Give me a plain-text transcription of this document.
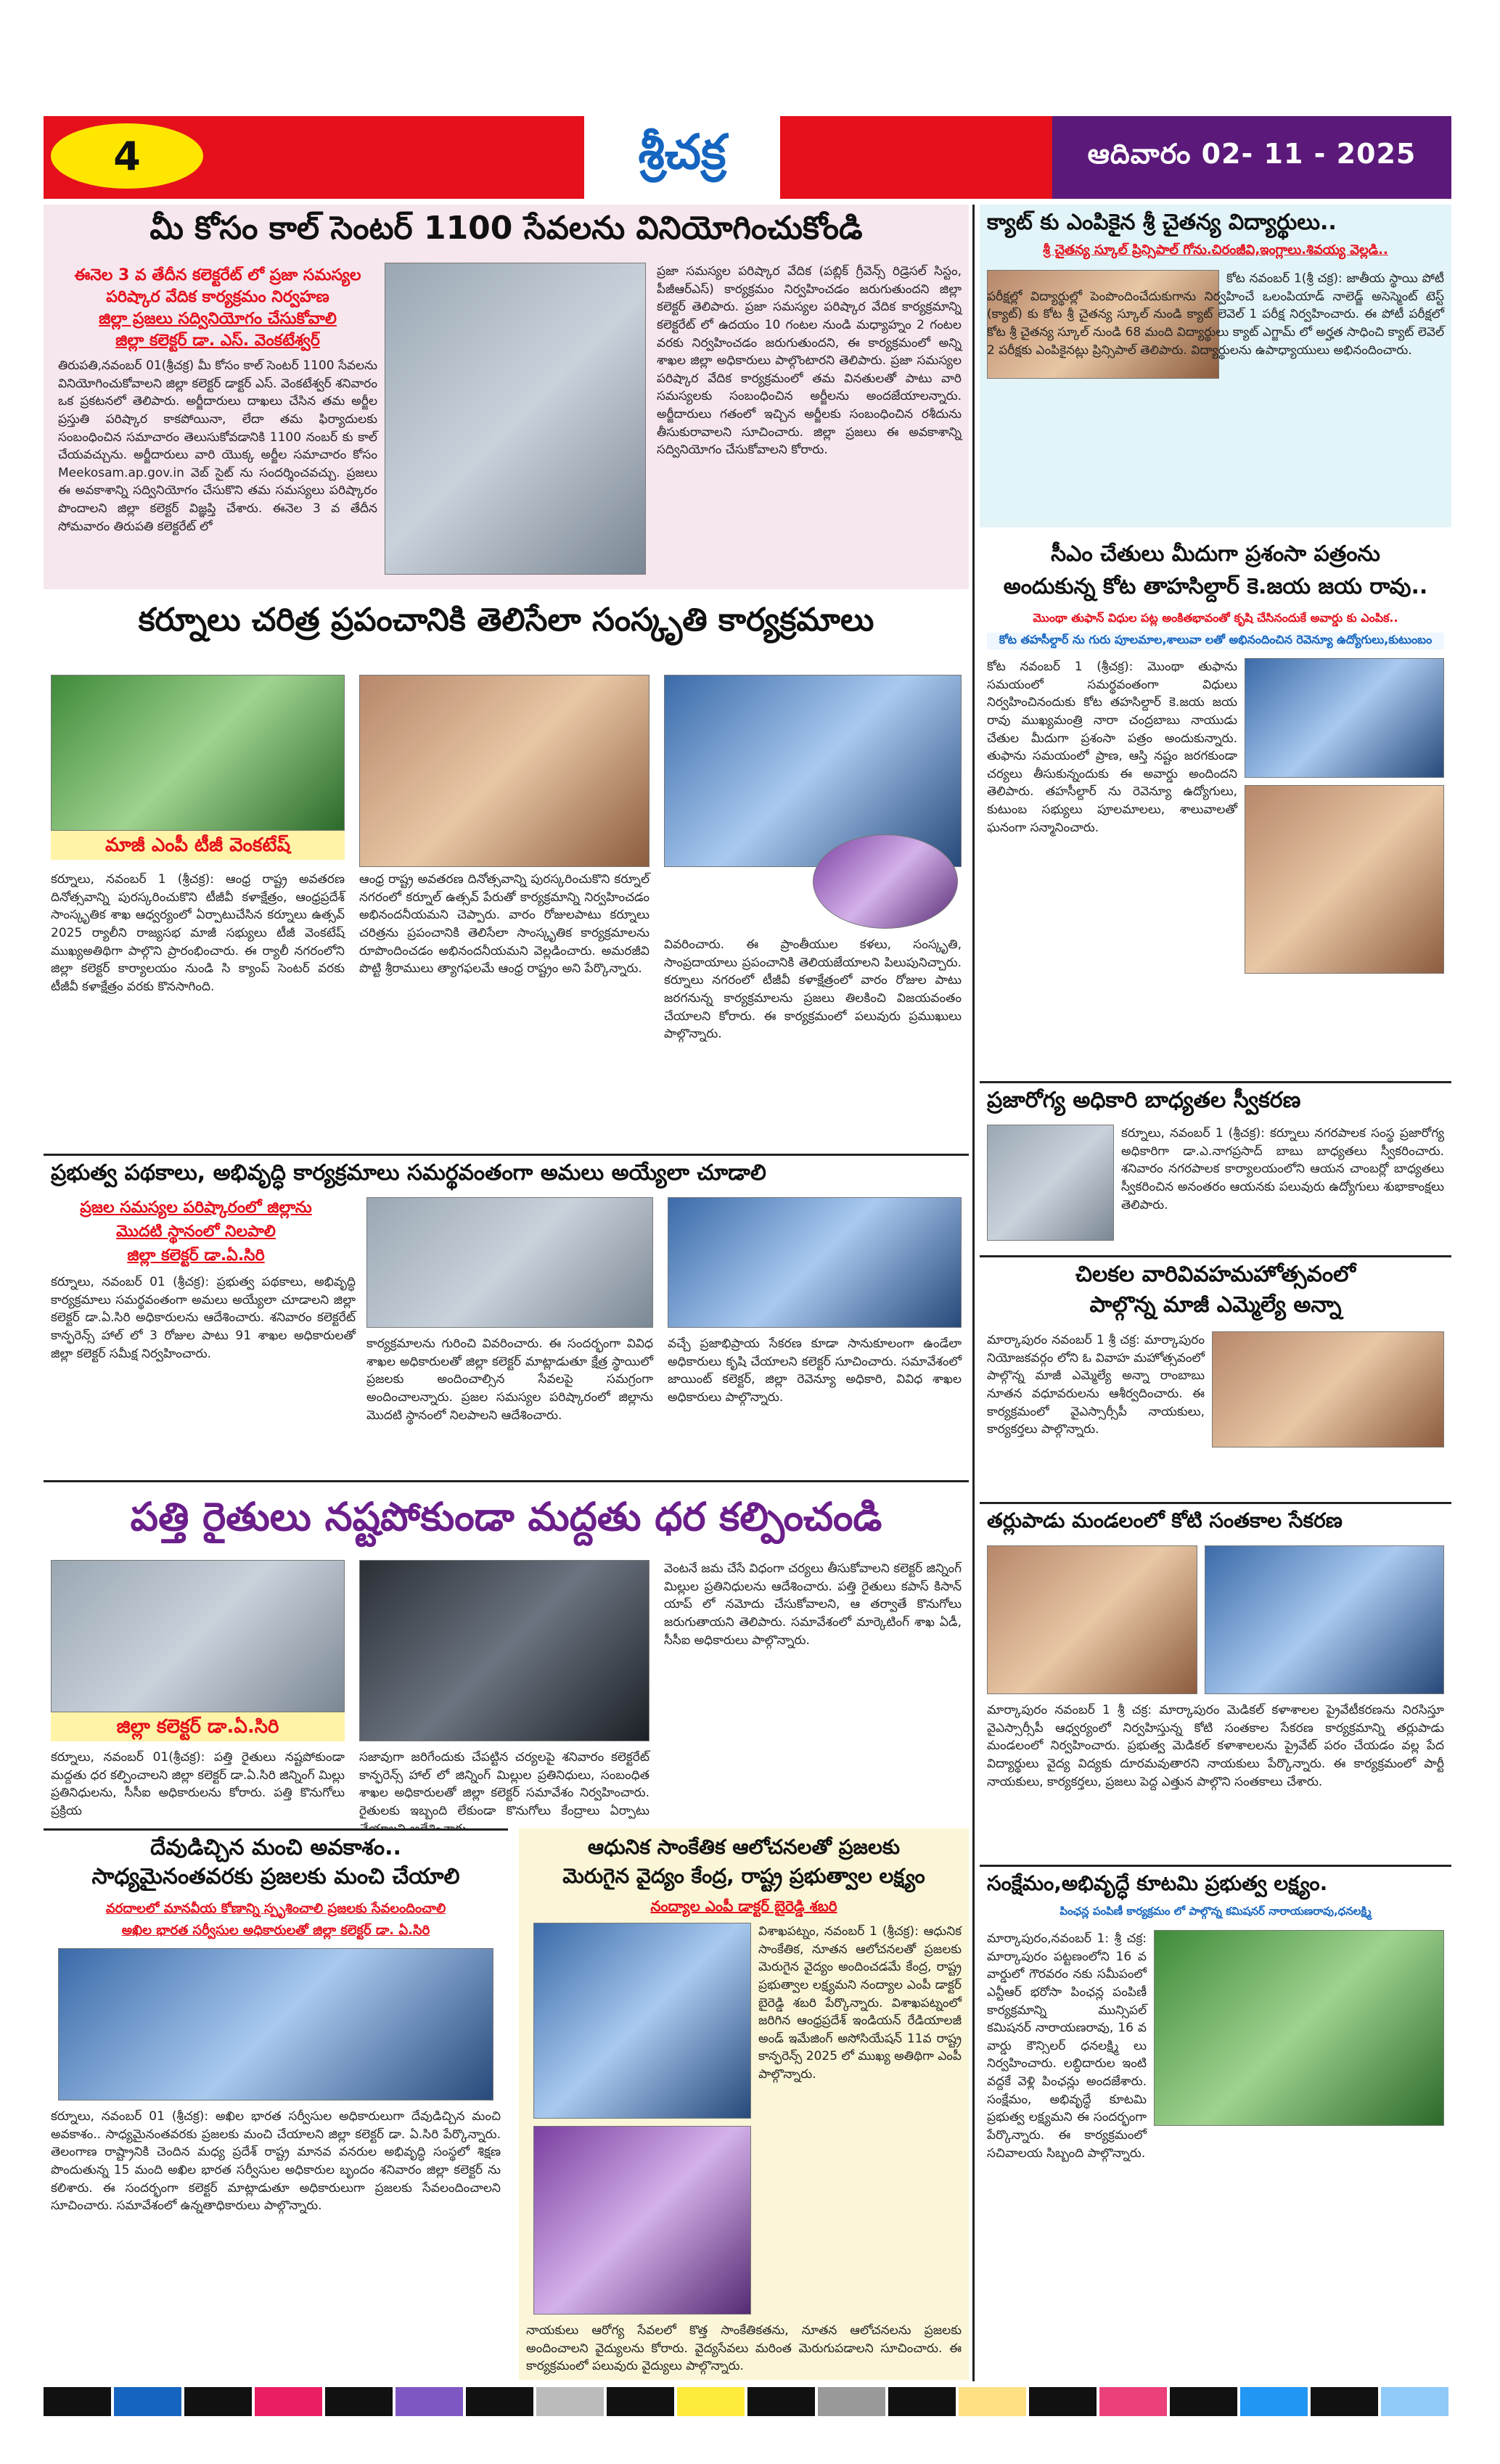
4	శ్రీచక్ర	ఆదివారం 02- 11 - 2025
మీ కోసం కాల్ సెంటర్ 1100 సేవలను వినియోగించుకోండి
ఈనెల 3 వ తేదీన కలెక్టరేట్ లో ప్రజా సమస్యల
పరిష్కార వేదిక కార్యక్రమం నిర్వహణ
జిల్లా ప్రజలు సద్వినియోగం చేసుకోవాలి
జిల్లా కలెక్టర్ డా. ఎస్. వెంకటేశ్వర్
తిరుపతి,నవంబర్ 01(శ్రీచక్ర) మీ కోసం కాల్ సెంటర్ 1100 సేవలను వినియోగించుకోవాలని జిల్లా కలెక్టర్ డాక్టర్ ఎస్. వెంకటేశ్వర్ శనివారం ఒక ప్రకటనలో తెలిపారు. అర్జీదారులు దాఖలు చేసిన తమ అర్జీల ప్రస్తుతి పరిష్కార కాకపోయినా, లేదా తమ ఫిర్యాదులకు సంబంధించిన సమాచారం తెలుసుకోవడానికి 1100 నంబర్ కు కాల్ చేయవచ్చును. అర్జీదారులు వారి యొక్క అర్జీల సమాచారం కోసం Meekosam.ap.gov.in వెబ్ సైట్ ను సందర్శించవచ్చు. ప్రజలు ఈ అవకాశాన్ని సద్వినియోగం చేసుకొని తమ సమస్యలు పరిష్కారం పొందాలని జిల్లా కలెక్టర్ విజ్ఞప్తి చేశారు. ఈనెల 3 వ తేదీన సోమవారం తిరుపతి కలెక్టరేట్ లో
ప్రజా సమస్యల పరిష్కార వేదిక (పబ్లిక్ గ్రీవెన్స్ రిడ్రెసల్ సిస్టం, పీజీఆర్ఎస్) కార్యక్రమం నిర్వహించడం జరుగుతుందని జిల్లా కలెక్టర్ తెలిపారు. ప్రజా సమస్యల పరిష్కార వేదిక కార్యక్రమాన్ని కలెక్టరేట్ లో ఉదయం 10 గంటల నుండి మధ్యాహ్నం 2 గంటల వరకు నిర్వహించడం జరుగుతుందని, ఈ కార్యక్రమంలో అన్ని శాఖల జిల్లా అధికారులు పాల్గొంటారని తెలిపారు. ప్రజా సమస్యల పరిష్కార వేదిక కార్యక్రమంలో తమ వినతులతో పాటు వారి సమస్యలకు సంబంధించిన అర్జీలను అందజేయాలన్నారు. అర్జీదారులు గతంలో ఇచ్చిన అర్జీలకు సంబంధించిన రశీదును తీసుకురావాలని సూచించారు. జిల్లా ప్రజలు ఈ అవకాశాన్ని సద్వినియోగం చేసుకోవాలని కోరారు.
కర్నూలు చరిత్ర ప్రపంచానికి తెలిసేలా సంస్కృతి కార్యక్రమాలు
మాజీ ఎంపీ టీజీ వెంకటేష్
కర్నూలు, నవంబర్ 1 (శ్రీచక్ర): ఆంధ్ర రాష్ట్ర అవతరణ దినోత్సవాన్ని పురస్కరించుకొని టీజీవీ కళాక్షేత్రం, ఆంధ్రప్రదేశ్ సాంస్కృతిక శాఖ ఆధ్వర్యంలో ఏర్పాటుచేసిన కర్నూలు ఉత్సవ్ 2025 ర్యాలీని రాజ్యసభ మాజీ సభ్యులు టీజీ వెంకటేష్ ముఖ్యఅతిథిగా పాల్గొని ప్రారంభించారు. ఈ ర్యాలీ నగరంలోని జిల్లా కలెక్టర్ కార్యాలయం నుండి సి క్యాంప్ సెంటర్ వరకు టీజీవీ కళాక్షేత్రం వరకు కొనసాగింది.
ఆంధ్ర రాష్ట్ర అవతరణ దినోత్సవాన్ని పురస్కరించుకొని కర్నూల్ నగరంలో కర్నూల్ ఉత్సవ్ పేరుతో కార్యక్రమాన్ని నిర్వహించడం అభినందనీయమని చెప్పారు. వారం రోజులపాటు కర్నూలు చరిత్రను ప్రపంచానికి తెలిసేలా సాంస్కృతిక కార్యక్రమాలను రూపొందించడం అభినందనీయమని వెల్లడించారు. అమరజీవి పొట్టి శ్రీరాములు త్యాగఫలమే ఆంధ్ర రాష్ట్రం అని పేర్కొన్నారు.
వివరించారు. ఈ ప్రాంతీయుల కళలు, సంస్కృతి, సాంప్రదాయాలు ప్రపంచానికి తెలియజేయాలని పిలుపునిచ్చారు. కర్నూలు నగరంలో టీజీవీ కళాక్షేత్రంలో వారం రోజుల పాటు జరగనున్న కార్యక్రమాలను ప్రజలు తిలకించి విజయవంతం చేయాలని కోరారు. ఈ కార్యక్రమంలో పలువురు ప్రముఖులు పాల్గొన్నారు.
ప్రభుత్వ పథకాలు, అభివృద్ధి కార్యక్రమాలు సమర్థవంతంగా అమలు అయ్యేలా చూడాలి
ప్రజల సమస్యల పరిష్కారంలో జిల్లాను
మొదటి స్థానంలో నిలపాలి
జిల్లా కలెక్టర్ డా.ఏ.సిరి
కర్నూలు, నవంబర్ 01 (శ్రీచక్ర): ప్రభుత్వ పథకాలు, అభివృద్ధి కార్యక్రమాలు సమర్థవంతంగా అమలు అయ్యేలా చూడాలని జిల్లా కలెక్టర్ డా.ఏ.సిరి అధికారులను ఆదేశించారు. శనివారం కలెక్టరేట్ కాన్ఫరెన్స్ హాల్ లో 3 రోజుల పాటు 91 శాఖల అధికారులతో జిల్లా కలెక్టర్ సమీక్ష నిర్వహించారు.
కార్యక్రమాలను గురించి వివరించారు. ఈ సందర్భంగా వివిధ శాఖల అధికారులతో జిల్లా కలెక్టర్ మాట్లాడుతూ క్షేత్ర స్థాయిలో ప్రజలకు అందించాల్సిన సేవలపై సమగ్రంగా అందించాలన్నారు. ప్రజల సమస్యల పరిష్కారంలో జిల్లాను మొదటి స్థానంలో నిలపాలని ఆదేశించారు.
వచ్చే ప్రజాభిప్రాయ సేకరణ కూడా సానుకూలంగా ఉండేలా అధికారులు కృషి చేయాలని కలెక్టర్ సూచించారు. సమావేశంలో జాయింట్ కలెక్టర్, జిల్లా రెవెన్యూ అధికారి, వివిధ శాఖల అధికారులు పాల్గొన్నారు.
పత్తి రైతులు నష్టపోకుండా మద్దతు ధర కల్పించండి
జిల్లా కలెక్టర్ డా.ఏ.సిరి
కర్నూలు, నవంబర్ 01(శ్రీచక్ర): పత్తి రైతులు నష్టపోకుండా మద్దతు ధర కల్పించాలని జిల్లా కలెక్టర్ డా.ఏ.సిరి జిన్నింగ్ మిల్లు ప్రతినిధులను, సీసీఐ అధికారులను కోరారు. పత్తి కొనుగోలు ప్రక్రియ
సజావుగా జరిగేందుకు చేపట్టిన చర్యలపై శనివారం కలెక్టరేట్ కాన్ఫరెన్స్ హాల్ లో జిన్నింగ్ మిల్లుల ప్రతినిధులు, సంబంధిత శాఖల అధికారులతో జిల్లా కలెక్టర్ సమావేశం నిర్వహించారు. రైతులకు ఇబ్బంది లేకుండా కొనుగోలు కేంద్రాలు ఏర్పాటు
వెంటనే జమ చేసే విధంగా చర్యలు తీసుకోవాలని కలెక్టర్ జిన్నింగ్ మిల్లుల ప్రతినిధులను ఆదేశించారు. పత్తి రైతులు కపాస్ కిసాన్ యాప్ లో నమోదు చేసుకోవాలని, ఆ తర్వాతే కొనుగోలు జరుగుతాయని తెలిపారు. సమావేశంలో మార్కెటింగ్ శాఖ ఏడీ, సీసీఐ అధికారులు పాల్గొన్నారు.
దేవుడిచ్చిన మంచి అవకాశం..
సాధ్యమైనంతవరకు ప్రజలకు మంచి చేయాలి
వరదాలలో మానవీయ కోణాన్ని స్పృశించాలి ప్రజలకు సేవలందించాలి
అఖిల భారత సర్వీసుల అధికారులతో జిల్లా కలెక్టర్ డా. ఏ.సిరి
కర్నూలు, నవంబర్ 01 (శ్రీచక్ర): అఖిల భారత సర్వీసుల అధికారులుగా దేవుడిచ్చిన మంచి అవకాశం.. సాధ్యమైనంతవరకు ప్రజలకు మంచి చేయాలని జిల్లా కలెక్టర్ డా. ఏ.సిరి పేర్కొన్నారు. తెలంగాణ రాష్ట్రానికి చెందిన మధ్య ప్రదేశ్ రాష్ట్ర మానవ వనరుల అభివృద్ధి సంస్థలో శిక్షణ పొందుతున్న 15 మంది అఖిల భారత సర్వీసుల అధికారుల బృందం శనివారం జిల్లా కలెక్టర్ ను కలిశారు. ఈ సందర్భంగా కలెక్టర్ మాట్లాడుతూ అధికారులుగా ప్రజలకు సేవలందించాలని సూచించారు. సమావేశంలో ఉన్నతాధికారులు పాల్గొన్నారు.
ఆధునిక సాంకేతిక ఆలోచనలతో ప్రజలకు
మెరుగైన వైద్యం కేంద్ర, రాష్ట్ర ప్రభుత్వాల లక్ష్యం
నంద్యాల ఎంపీ డాక్టర్ బైరెడ్డి శబరి
విశాఖపట్నం, నవంబర్ 1 (శ్రీచక్ర): ఆధునిక సాంకేతిక, నూతన ఆలోచనలతో ప్రజలకు మెరుగైన వైద్యం అందించడమే కేంద్ర, రాష్ట్ర ప్రభుత్వాల లక్ష్యమని నంద్యాల ఎంపీ డాక్టర్ బైరెడ్డి శబరి పేర్కొన్నారు. విశాఖపట్నంలో జరిగిన ఆంధ్రప్రదేశ్ ఇండియన్ రేడియాలజీ అండ్ ఇమేజింగ్ అసోసియేషన్ 11వ రాష్ట్ర కాన్ఫరెన్స్ 2025 లో ముఖ్య అతిథిగా ఎంపీ పాల్గొన్నారు.
నాయకులు ఆరోగ్య సేవలలో కొత్త సాంకేతికతను, నూతన ఆలోచనలను ప్రజలకు అందించాలని వైద్యులను కోరారు. వైద్యసేవలు మరింత మెరుగుపడాలని సూచించారు. ఈ కార్యక్రమంలో పలువురు వైద్యులు పాల్గొన్నారు.
క్యాట్ కు ఎంపికైన శ్రీ చైతన్య విద్యార్థులు..
శ్రీ చైతన్య స్కూల్ ప్రిన్సిపాల్ గోను.చిరంజీవి,ఇంగ్లాలు.శివయ్య వెల్లడి..
కోట నవంబర్ 1(శ్రీ చక్ర): జాతీయ స్థాయి పోటీ పరీక్షల్లో విద్యార్థుల్లో పెంపొందించేదుకుగాను నిర్వహించే ఒలంపియాడ్ నాలెడ్జ్ అసెస్మెంట్ టెస్ట్ (క్యాట్) కు కోట శ్రీ చైతన్య స్కూల్ నుండి క్యాట్ లెవెల్ 1 పరీక్ష నిర్వహించారు. ఈ పోటీ పరీక్షలో కోట శ్రీ చైతన్య స్కూల్ నుండి 68 మంది విద్యార్థులు క్యాట్ ఎగ్జామ్ లో అర్హత సాధించి క్యాట్ లెవెల్ 2 పరీక్షకు ఎంపికైనట్లు ప్రిన్సిపాల్ తెలిపారు. విద్యార్థులను ఉపాధ్యాయులు అభినందించారు.
సీఎం చేతులు మీదుగా ప్రశంసా పత్రంను
అందుకున్న కోట తాహసిల్దార్ కె.జయ జయ రావు..
మొంథా తుఫాన్ విధుల పట్ల అంకితభావంతో కృషి చేసినందుకే అవార్డు కు ఎంపిక..
కోట తహసీల్దార్ ను గురు పూలమాల,శాలువా లతో అభినందించిన రెవెన్యూ ఉద్యోగులు,కుటుంబం
కోట నవంబర్ 1 (శ్రీచక్ర): మొంథా తుఫాను సమయంలో సమర్థవంతంగా విధులు నిర్వహించినందుకు కోట తహసిల్దార్ కె.జయ జయ రావు ముఖ్యమంత్రి నారా చంద్రబాబు నాయుడు చేతుల మీదుగా ప్రశంసా పత్రం అందుకున్నారు. తుఫాను సమయంలో ప్రాణ, ఆస్తి నష్టం జరగకుండా చర్యలు తీసుకున్నందుకు ఈ అవార్డు అందిందని తెలిపారు. తహసీల్దార్ ను రెవెన్యూ ఉద్యోగులు, కుటుంబ సభ్యులు పూలమాలలు, శాలువాలతో ఘనంగా సన్మానించారు.
ప్రజారోగ్య అధికారి బాధ్యతల స్వీకరణ
కర్నూలు, నవంబర్ 1 (శ్రీచక్ర): కర్నూలు నగరపాలక సంస్థ ప్రజారోగ్య అధికారిగా డా.ఎ.నాగప్రసాద్ బాబు బాధ్యతలు స్వీకరించారు. శనివారం నగరపాలక కార్యాలయంలోని ఆయన చాంబర్లో బాధ్యతలు స్వీకరించిన అనంతరం ఆయనకు పలువురు ఉద్యోగులు శుభాకాంక్షలు తెలిపారు.
చిలకల వారివివహమహోత్సవంలో
పాల్గొన్న మాజీ ఎమ్మెల్యే అన్నా
మార్కాపురం నవంబర్ 1 శ్రీ చక్ర: మార్కాపురం నియోజకవర్గం లోని ఓ వివాహ మహోత్సవంలో పాల్గొన్న మాజీ ఎమ్మెల్యే అన్నా రాంబాబు నూతన వధూవరులను ఆశీర్వదించారు. ఈ కార్యక్రమంలో వైఎస్సార్సీపీ నాయకులు, కార్యకర్తలు పాల్గొన్నారు.
తర్లుపాడు మండలంలో కోటి సంతకాల సేకరణ
మార్కాపురం నవంబర్ 1 శ్రీ చక్ర: మార్కాపురం మెడికల్ కళాశాలల ప్రైవేటీకరణను నిరసిస్తూ వైఎస్సార్సీపీ ఆధ్వర్యంలో నిర్వహిస్తున్న కోటి సంతకాల సేకరణ కార్యక్రమాన్ని తర్లుపాడు మండలంలో నిర్వహించారు. ప్రభుత్వ మెడికల్ కళాశాలలను ప్రైవేట్ పరం చేయడం వల్ల పేద విద్యార్థులు వైద్య విద్యకు దూరమవుతారని నాయకులు పేర్కొన్నారు. ఈ కార్యక్రమంలో పార్టీ నాయకులు, కార్యకర్తలు, ప్రజలు పెద్ద ఎత్తున పాల్గొని సంతకాలు చేశారు.
సంక్షేమం,అభివృద్ధే కూటమి ప్రభుత్వ లక్ష్యం.
పింఛన్ల పంపిణీ కార్యక్రమం లో పాల్గొన్న కమిషనర్ నారాయణరావు,ధనలక్ష్మి
మార్కాపురం,నవంబర్ 1: శ్రీ చక్ర: మార్కాపురం పట్టణంలోని 16 వ వార్డులో గౌరవరం నకు సమీపంలో ఎన్టీఆర్ భరోసా పింఛన్ల పంపిణీ కార్యక్రమాన్ని మున్సిపల్ కమిషనర్ నారాయణరావు, 16 వ వార్డు కౌన్సిలర్ ధనలక్ష్మి లు నిర్వహించారు. లబ్ధిదారుల ఇంటి వద్దకే వెళ్లి పింఛన్లు అందజేశారు. సంక్షేమం, అభివృద్ధే కూటమి ప్రభుత్వ లక్ష్యమని ఈ సందర్భంగా పేర్కొన్నారు. ఈ కార్యక్రమంలో సచివాలయ సిబ్బంది పాల్గొన్నారు.
